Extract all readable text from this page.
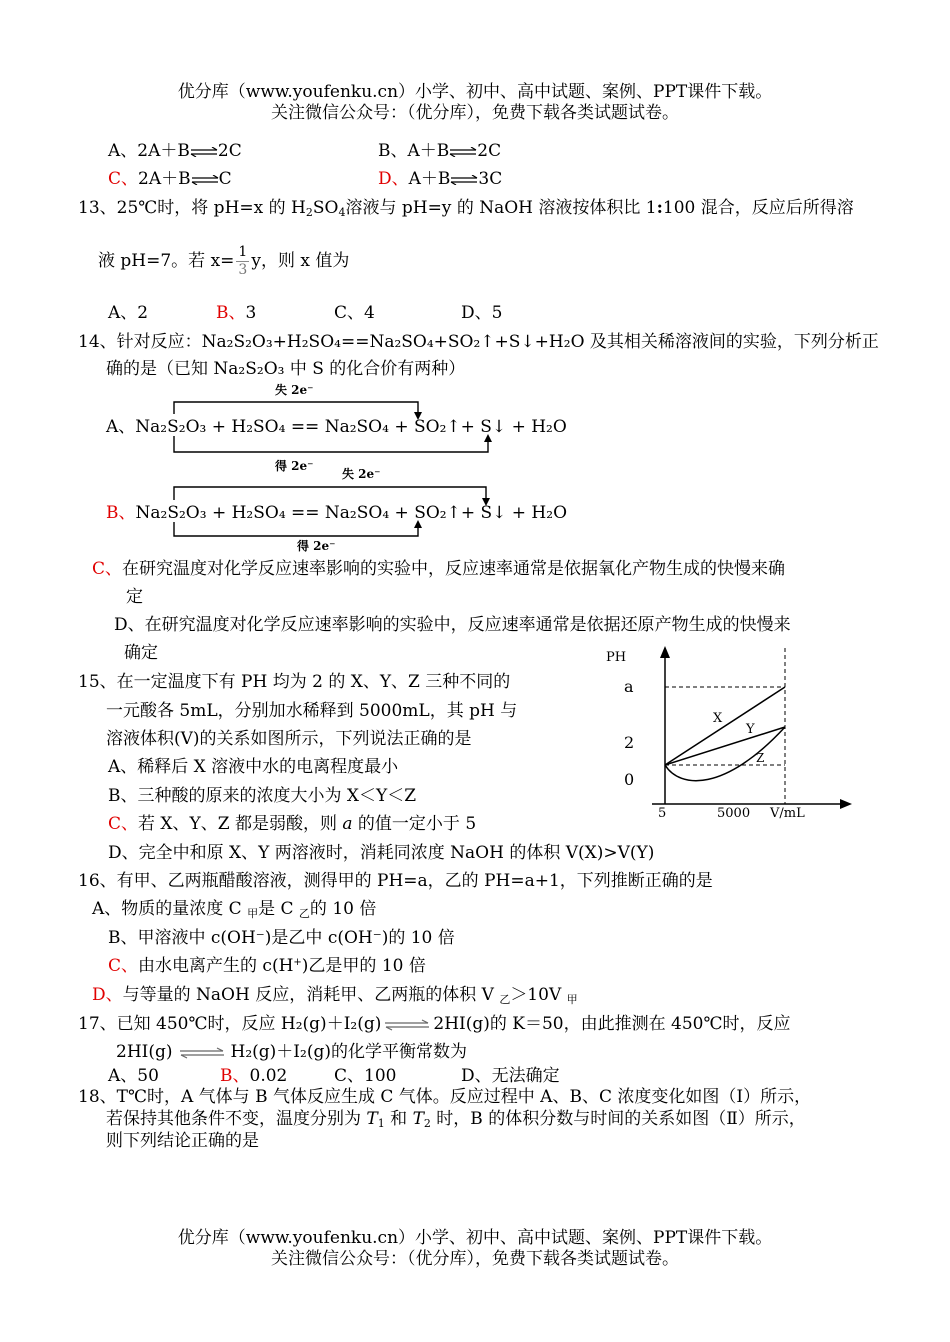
优分库（www.youfenku.cn）小学、初中、高中试题、案例、PPT课件下载。
关注微信公众号：（优分库），免费下载各类试题试卷。
A、2A＋B⇌2C	B、A＋B⇌2C
C、2A＋B⇌C	D、A＋B⇌3C
13、25℃时，将 pH=x 的 $H_2SO_4$溶液与 pH=y 的 NaOH 溶液按体积比 1:100 混合，反应后所得溶
液 pH=7。若 $x= \frac{1}{3}$ y，则 x 值为
A、2	B、3	C、4	D、5
14、针对反应：Na₂S₂O₃+H₂SO₄==Na₂SO₄+SO₂↑+S↓+H₂O 及其相关稀溶液间的实验，下列分析正
确的是（已知 Na₂S₂O₃ 中 S 的化合价有两种）
失 2e⁻
A、Na₂S₂O₃ + H₂SO₄ == Na₂SO₄ + SO₂↑+ S↓ + H₂O
得 2e⁻
失 2e⁻
B、Na₂S₂O₃ + H₂SO₄ == Na₂SO₄ + SO₂↑+ S↓ + H₂O
得 2e⁻
C、在研究温度对化学反应速率影响的实验中，反应速率通常是依据氧化产物生成的快慢来确
定
D、在研究温度对化学反应速率影响的实验中，反应速率通常是依据还原产物生成的快慢来
确定
15、在一定温度下有 PH 均为 2 的 X、Y、Z 三种不同的
一元酸各 5mL，分别加水稀释到 5000mL，其 pH 与
溶液体积(V)的关系如图所示，下列说法正确的是
A、稀释后 X 溶液中水的电离程度最小
B、三种酸的原来的浓度大小为 X＜Y＜Z
C、若 X、Y、Z 都是弱酸，则 a 的值一定小于 5
D、完全中和原 X、Y 两溶液时，消耗同浓度 NaOH 的体积 V(X)>V(Y)
PH
a
2
0
5	5000 V/mL
X
Y
Z
16、有甲、乙两瓶醋酸溶液，测得甲的 PH=a，乙的 PH=a+1，下列推断正确的是
A、物质的量浓度 C $_甲$是 C $_乙$的 10 倍
B、甲溶液中 c(OH⁻)是乙中 c(OH⁻)的 10 倍
C、由水电离产生的 c(H+)乙是甲的 10 倍
D、与等量的 NaOH 反应，消耗甲、乙两瓶的体积 V $_乙$＞10V $_甲$
17、已知 450℃时，反应 H₂(g)＋I₂(g) ⇌ 2HI(g)的 K＝50，由此推测在 450℃时，反应
2HI(g) ⇌ H₂(g)＋I₂(g)的化学平衡常数为
A、50	B、0.02	C、100	D、无法确定
18、T℃时，A 气体与 B 气体反应生成 C 气体。反应过程中 A、B、C 浓度变化如图（Ⅰ）所示，
若保持其他条件不变，温度分别为 $T_1$ 和 $T_2$ 时，B 的体积分数与时间的关系如图（Ⅱ）所示，
则下列结论正确的是
优分库（www.youfenku.cn）小学、初中、高中试题、案例、PPT课件下载。
关注微信公众号：（优分库），免费下载各类试题试卷。
